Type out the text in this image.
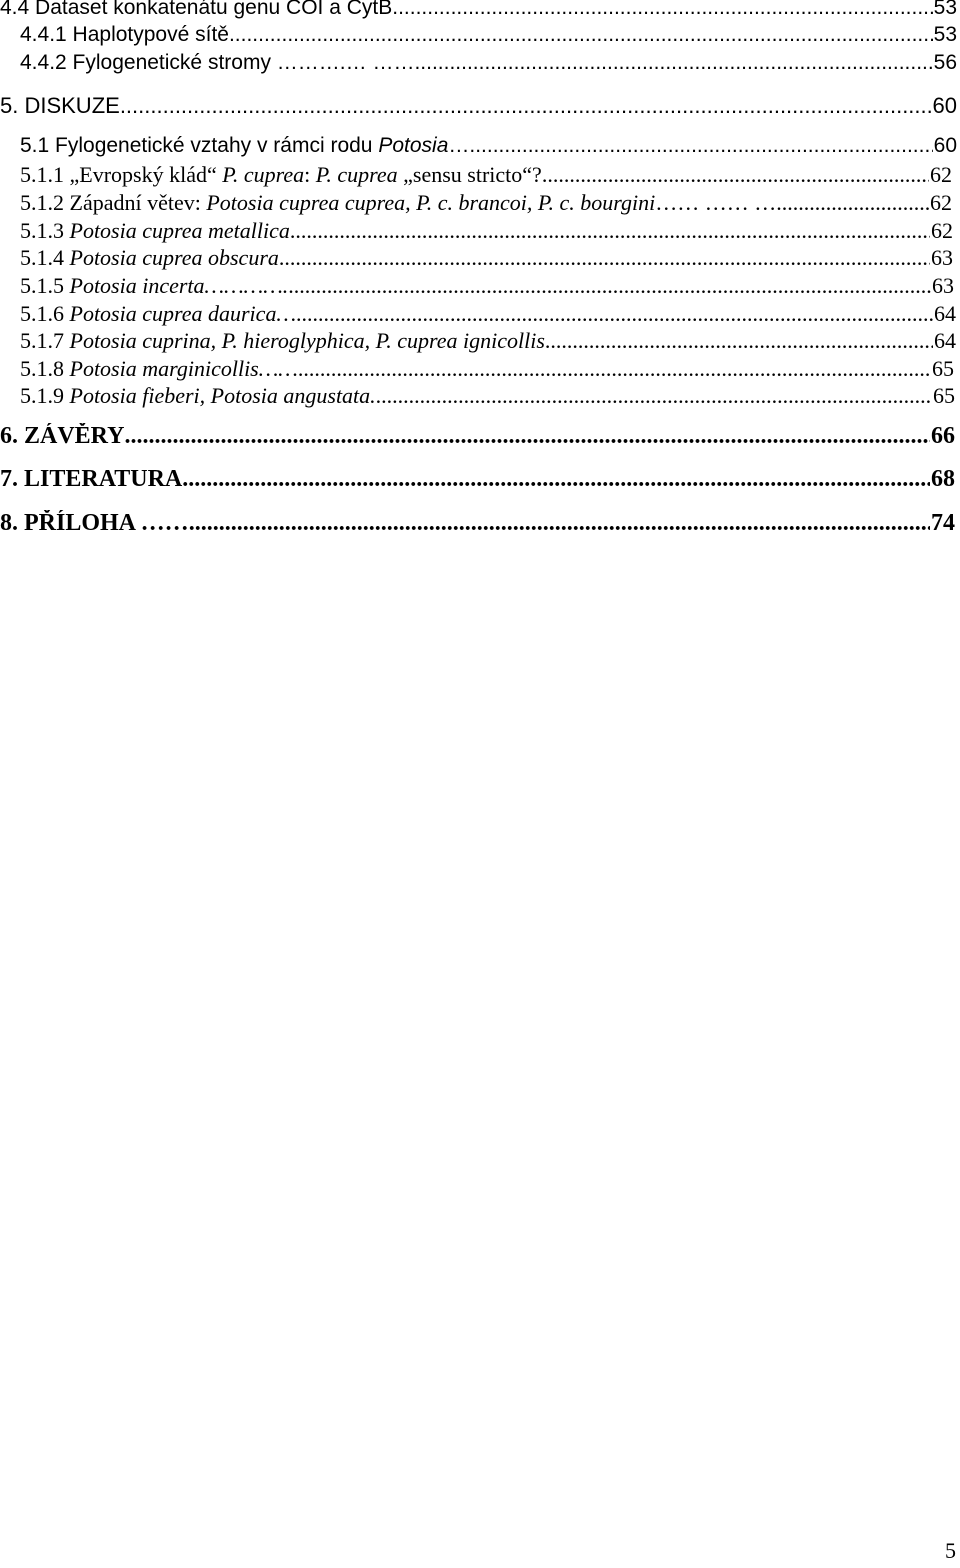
4.4 Dataset konkatenátu genu COI a CytB .....	53
4.4.1 Haplotypové sítě .....	53
4.4.2 Fylogenetické stromy ……….… …… .....	56
5. DISKUZE .....	60
5.1 Fylogenetické vztahy v rámci rodu Potosia… .....	60
5.1.1 „Evropský klád“ P. cuprea: P. cuprea „sensu stricto“? .....	62
5.1.2 Západní větev: Potosia cuprea cuprea, P. c. brancoi, P. c. bourgini…… …… … .....	62
5.1.3 Potosia cuprea metallica .....	62
5.1.4 Potosia cuprea obscura .....	63
5.1.5 Potosia incerta…………. .....	63
5.1.6 Potosia cuprea daurica… .....	64
5.1.7 Potosia cuprina, P. hieroglyphica, P. cuprea ignicollis .....	64
5.1.8 Potosia marginicollis…… .....	65
5.1.9 Potosia fieberi, Potosia angustata. .....	65
6. ZÁVĚRY .....	66
7. LITERATURA .....	68
8. PŘÍLOHA …… .....	74
5
